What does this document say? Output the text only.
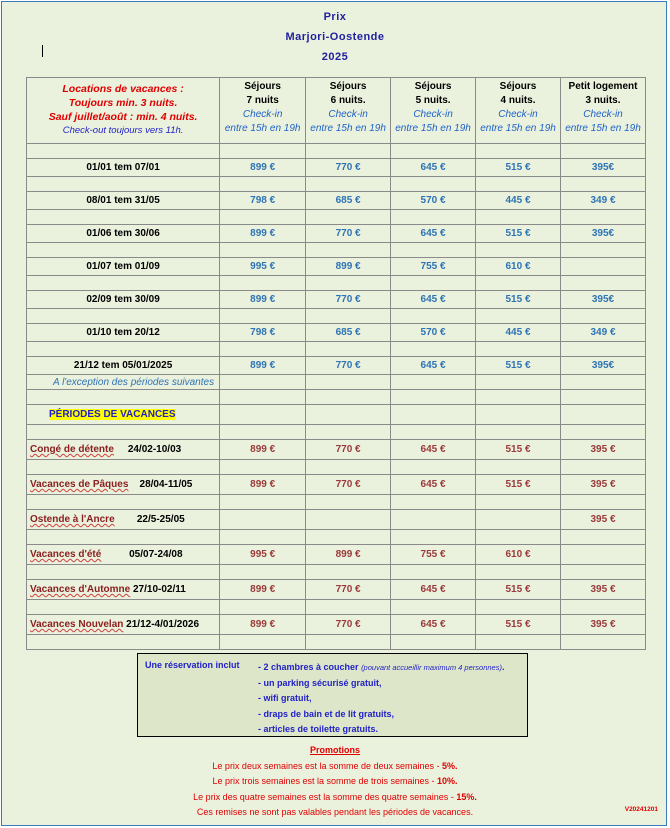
Prix
Marjori-Oostende
2025
Locations de vacances :
Toujours min. 3 nuits.
Sauf juillet/août : min. 4 nuits.
Check-out toujours vers 11h.	Séjours
7 nuits
Check-in
entre 15h en 19h	Séjours
6 nuits.
Check-in
entre 15h en 19h	Séjours
5 nuits.
Check-in
entre 15h en 19h	Séjours
4 nuits.
Check-in
entre 15h en 19h	Petit logement
3 nuits.
Check-in
entre 15h en 19h

01/01 tem 07/01	899 €	770 €	645 €	515 €	395€

08/01 tem 31/05	798 €	685 €	570 €	445 €	349 €

01/06 tem 30/06	899 €	770 €	645 €	515 €	395€

01/07 tem 01/09	995 €	899 €	755 €	610 €	

02/09 tem 30/09	899 €	770 €	645 €	515 €	395€

01/10 tem 20/12	798 €	685 €	570 €	445 €	349 €

21/12 tem 05/01/2025	899 €	770 €	645 €	515 €	395€
A l'exception des périodes suivantes					

PÉRIODES DE VACANCES					

Congé de détente 24/02-10/03	899 €	770 €	645 €	515 €	395 €

Vacances de Pâques 28/04-11/05	899 €	770 €	645 €	515 €	395 €

Ostende à l'Ancre 22/5-25/05					395 €

Vacances d'été 05/07-24/08	995 €	899 €	755 €	610 €	

Vacances d'Automne 27/10-02/11	899 €	770 €	645 €	515 €	395 €

Vacances Nouvelan 21/12-4/01/2026	899 €	770 €	645 €	515 €	395 €

Une réservation inclut - 2 chambres à coucher (pouvant accueillir maximum 4 personnes).
- un parking sécurisé gratuit,
- wifi gratuit,
- draps de bain et de lit gratuits,
- articles de toilette gratuits.
Promotions
Le prix deux semaines est la somme de deux semaines - 5%.
Le prix trois semaines est la somme de trois semaines - 10%.
Le prix des quatre semaines est la somme des quatre semaines - 15%.
Ces remises ne sont pas valables pendant les périodes de vacances.	V20241201
